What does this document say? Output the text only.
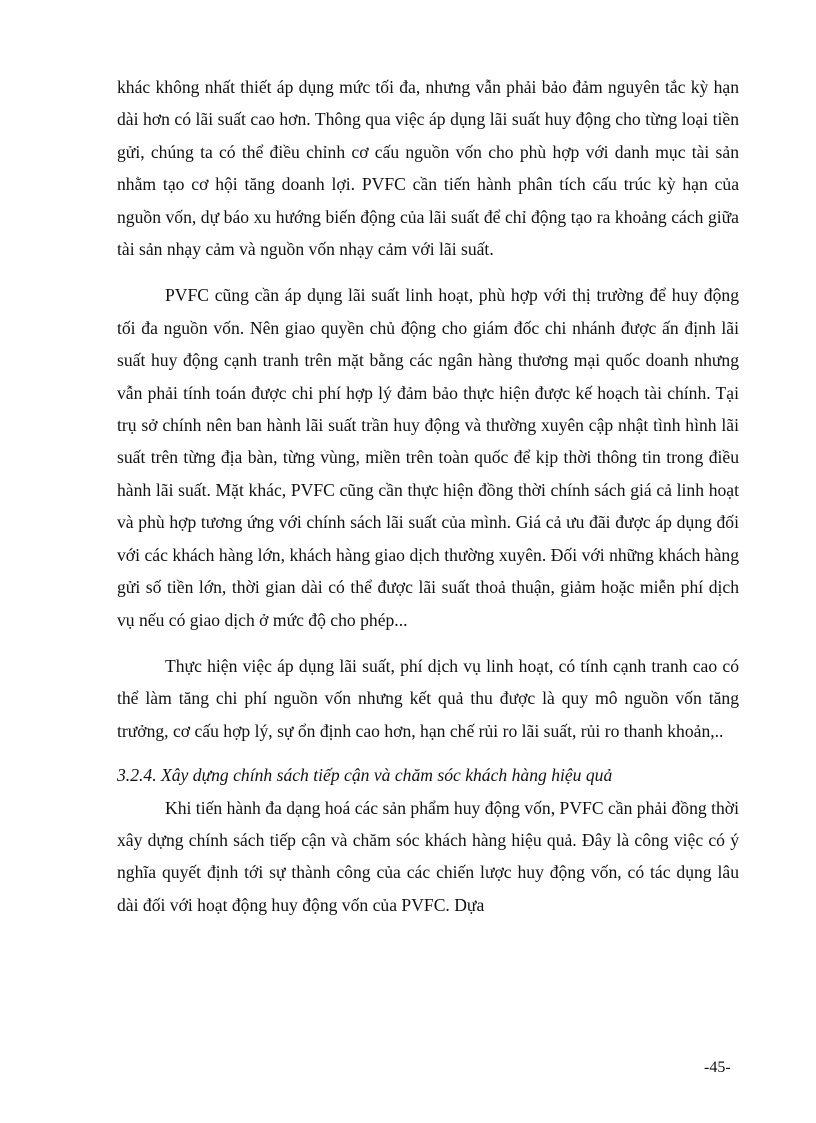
khác không nhất thiết áp dụng mức tối đa, nhưng vẫn phải bảo đảm nguyên tắc kỳ hạn dài hơn có lãi suất cao hơn. Thông qua việc áp dụng lãi suất huy động cho từng loại tiền gửi, chúng ta có thể điều chỉnh cơ cấu nguồn vốn cho phù hợp với danh mục tài sản nhằm tạo cơ hội tăng doanh lợi. PVFC cần tiến hành phân tích cấu trúc kỳ hạn của nguồn vốn, dự báo xu hướng biến động của lãi suất để chỉ động tạo ra khoảng cách giữa tài sản nhạy cảm và nguồn vốn nhạy cảm với lãi suất.

PVFC cũng cần áp dụng lãi suất linh hoạt, phù hợp với thị trường để huy động tối đa nguồn vốn. Nên giao quyền chủ động cho giám đốc chi nhánh được ấn định lãi suất huy động cạnh tranh trên mặt bằng các ngân hàng thương mại quốc doanh nhưng vẫn phải tính toán được chi phí hợp lý đảm bảo thực hiện được kế hoạch tài chính. Tại trụ sở chính nên ban hành lãi suất trần huy động và thường xuyên cập nhật tình hình lãi suất trên từng địa bàn, từng vùng, miền trên toàn quốc để kịp thời thông tin trong điều hành lãi suất. Mặt khác, PVFC cũng cần thực hiện đồng thời chính sách giá cả linh hoạt và phù hợp tương ứng với chính sách lãi suất của mình. Giá cả ưu đãi được áp dụng đối với các khách hàng lớn, khách hàng giao dịch thường xuyên. Đối với những khách hàng gửi số tiền lớn, thời gian dài có thể được lãi suất thoả thuận, giảm hoặc miễn phí dịch vụ nếu có giao dịch ở mức độ cho phép...

Thực hiện việc áp dụng lãi suất, phí dịch vụ linh hoạt, có tính cạnh tranh cao có thể làm tăng chi phí nguồn vốn nhưng kết quả thu được là quy mô nguồn vốn tăng trưởng, cơ cấu hợp lý, sự ổn định cao hơn, hạn chế rủi ro lãi suất, rủi ro thanh khoản,..

3.2.4. Xây dựng chính sách tiếp cận và chăm sóc khách hàng hiệu quả

Khi tiến hành đa dạng hoá các sản phẩm huy động vốn, PVFC cần phải đồng thời xây dựng chính sách tiếp cận và chăm sóc khách hàng hiệu quả. Đây là công việc có ý nghĩa quyết định tới sự thành công của các chiến lược huy động vốn, có tác dụng lâu dài đối với hoạt động huy động vốn của PVFC. Dựa

-45-
